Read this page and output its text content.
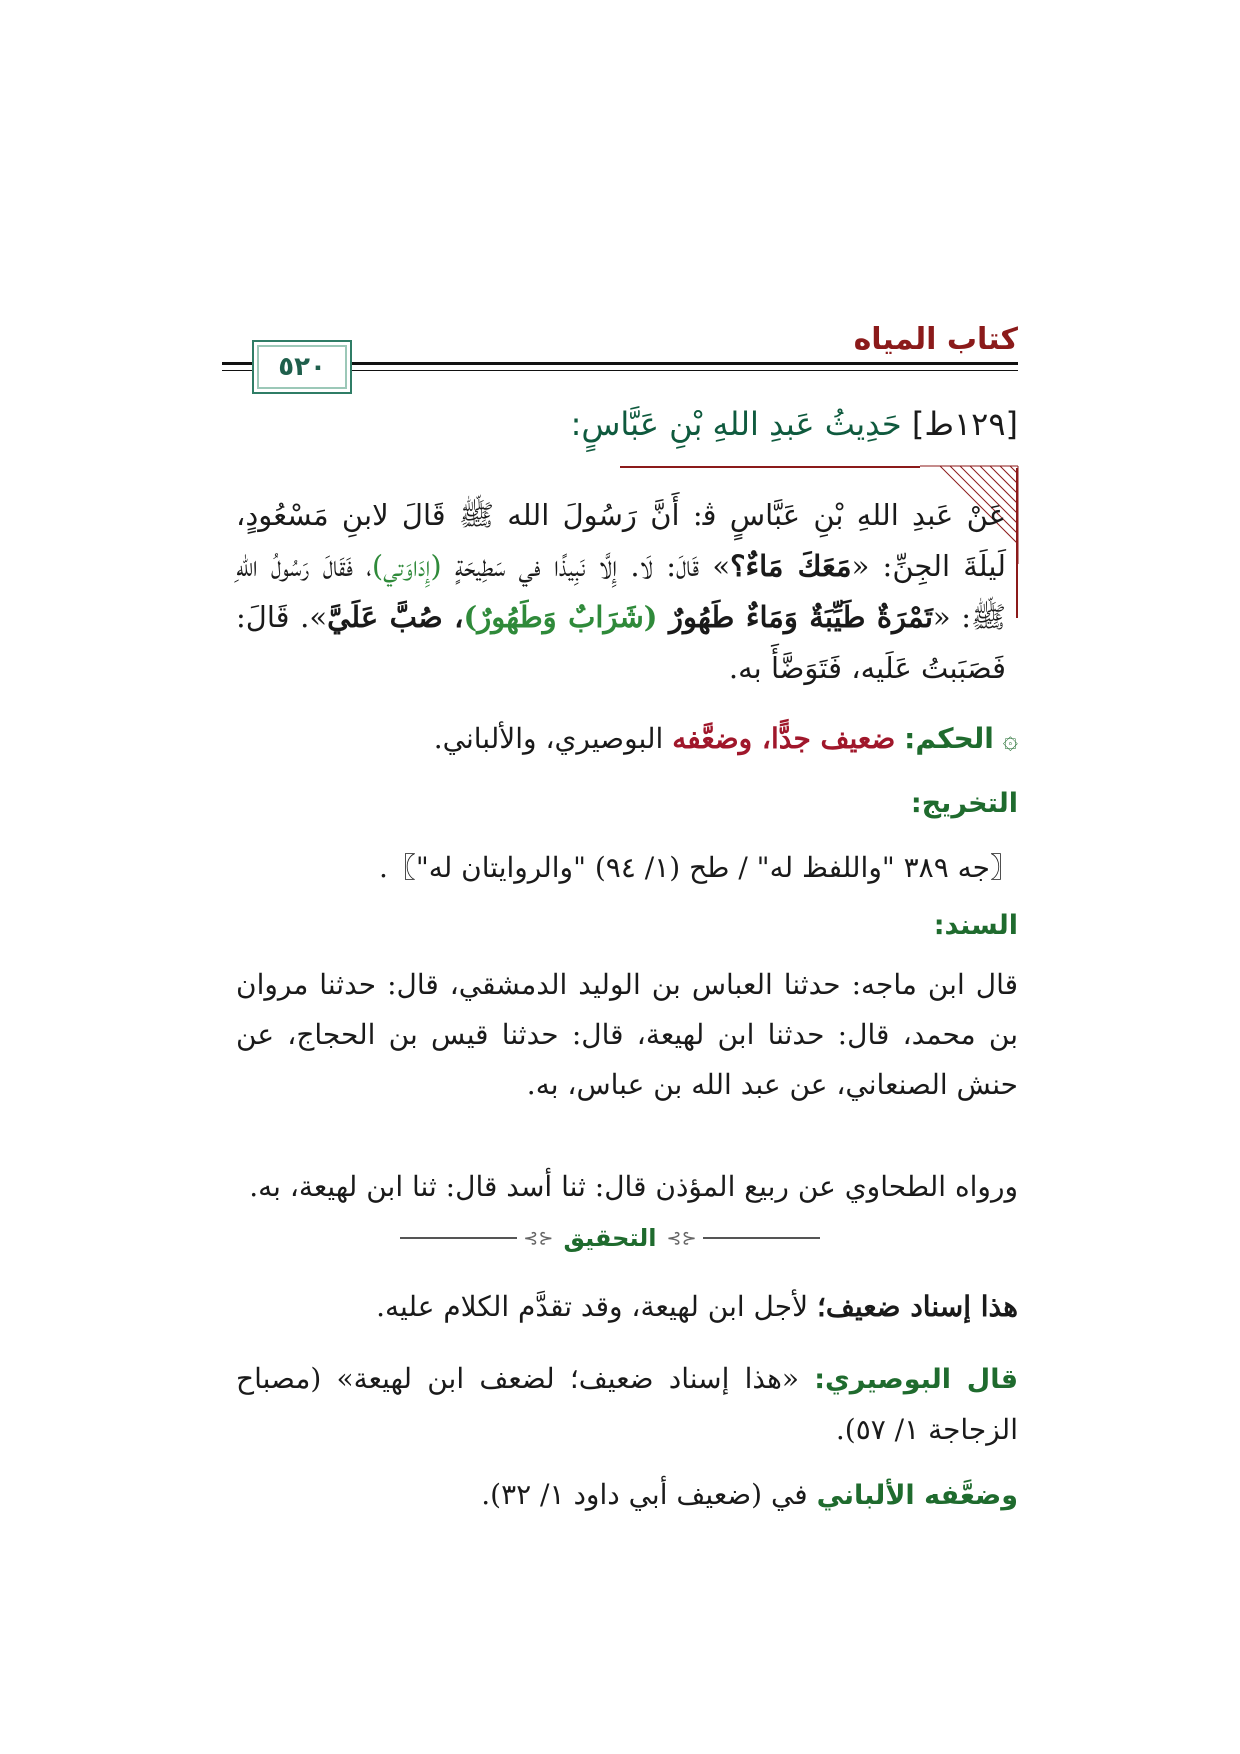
كتاب المياه
٥٢٠
[١٢٩ط] حَدِيثُ عَبدِ اللهِ بْنِ عَبَّاسٍ:
عَنْ عَبدِ اللهِ بْنِ عَبَّاسٍ ﭬ: أَنَّ رَسُولَ الله ﷺ قَالَ لابنِ مَسْعُودٍ، لَيلَةَ الجِنِّ: «مَعَكَ مَاءٌ؟» قَالَ: لَا. إِلَّا نَبِيذًا في سَطِيحَةٍ (إِدَاوَتي)، فَقَالَ رَسُولُ اللهِ ﷺ: «تَمْرَةٌ طَيِّبَةٌ وَمَاءٌ طَهُورٌ (شَرَابٌ وَطَهُورٌ)، صُبَّ عَلَيَّ». قَالَ: فَصَبَبتُ عَلَيه، فَتَوَضَّأَ به.
۞ الحكم: ضعيف جدًّا، وضعَّفه البوصيري، والألباني.
التخريج:
〖جه ٣٨٩ "واللفظ له" / طح (١/ ٩٤) "والروايتان له"〗.
السند:
قال ابن ماجه: حدثنا العباس بن الوليد الدمشقي، قال: حدثنا مروان بن محمد، قال: حدثنا ابن لهيعة، قال: حدثنا قيس بن الحجاج، عن حنش الصنعاني، عن عبد الله بن عباس، به.
ورواه الطحاوي عن ربيع المؤذن قال: ثنا أسد قال: ثنا ابن لهيعة، به.
⊰⊱
التحقيق
⊰⊱
هذا إسناد ضعيف؛ لأجل ابن لهيعة، وقد تقدَّم الكلام عليه.
قال البوصيري: «هذا إسناد ضعيف؛ لضعف ابن لهيعة» (مصباح الزجاجة ١/ ٥٧).
وضعَّفه الألباني في (ضعيف أبي داود ١/ ٣٢).
